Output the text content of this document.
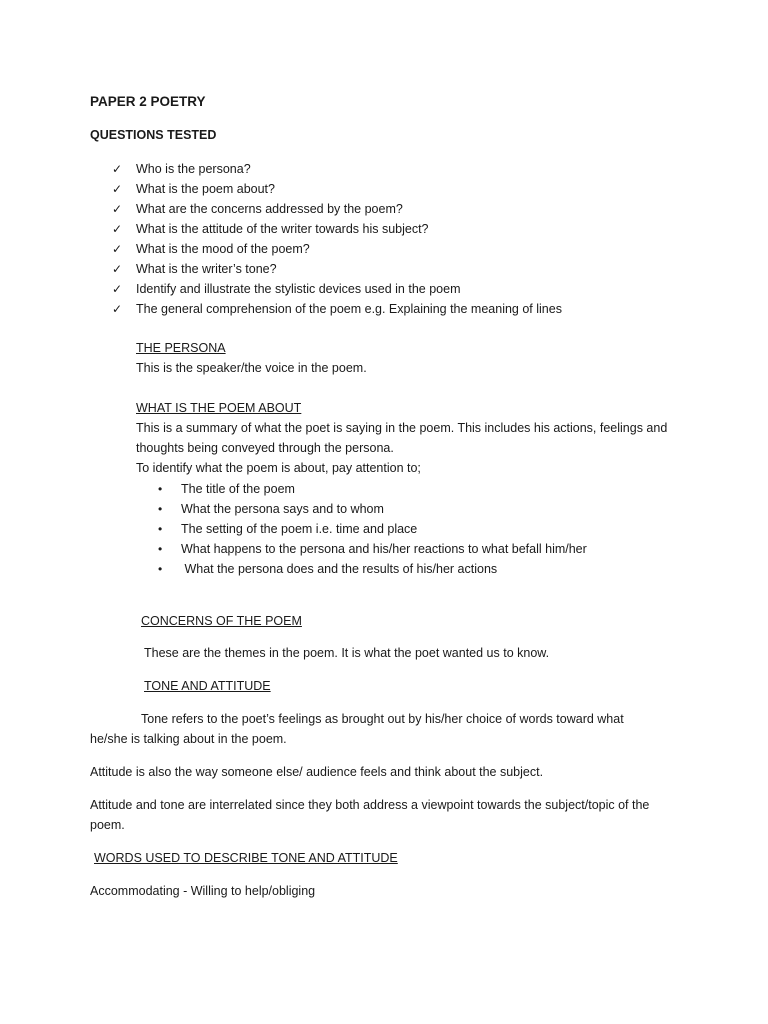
PAPER 2 POETRY
QUESTIONS TESTED
✓ Who is the persona?
✓ What is the poem about?
✓ What are the concerns addressed by the poem?
✓ What is the attitude of the writer towards his subject?
✓ What is the mood of the poem?
✓ What is the writer’s tone?
✓ Identify and illustrate the stylistic devices used in the poem
✓ The general comprehension of the poem e.g. Explaining the meaning of lines
THE PERSONA
This is the speaker/the voice in the poem.
WHAT IS THE POEM ABOUT
This is a summary of what the poet is saying in the poem. This includes his actions, feelings and
thoughts being conveyed through the persona.
To identify what the poem is about, pay attention to;
• The title of the poem
• What the persona says and to whom
• The setting of the poem i.e. time and place
• What happens to the persona and his/her reactions to what befall him/her
• What the persona does and the results of his/her actions
CONCERNS OF THE POEM
These are the themes in the poem. It is what the poet wanted us to know.
TONE AND ATTITUDE
Tone refers to the poet’s feelings as brought out by his/her choice of words toward what
he/she is talking about in the poem.
Attitude is also the way someone else/ audience feels and think about the subject.
Attitude and tone are interrelated since they both address a viewpoint towards the subject/topic of the
poem.
WORDS USED TO DESCRIBE TONE AND ATTITUDE
Accommodating - Willing to help/obliging
